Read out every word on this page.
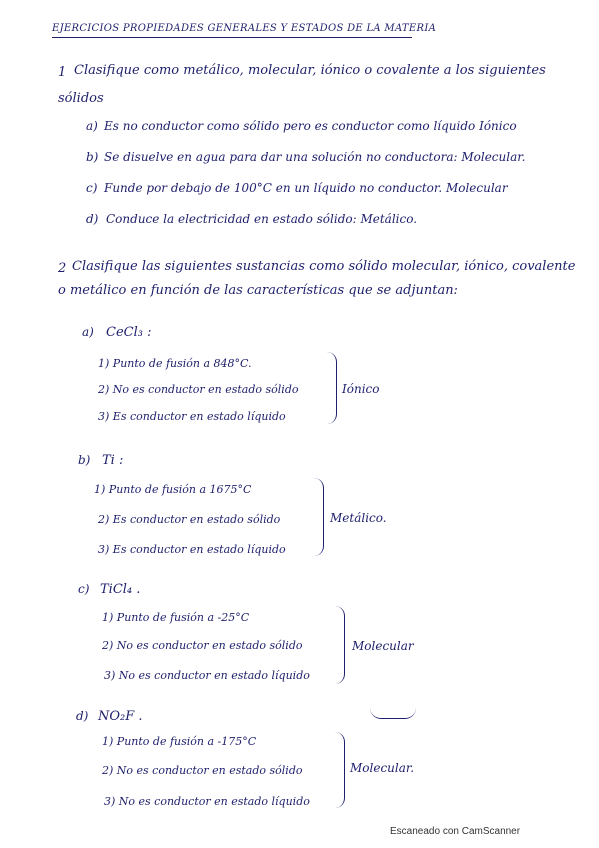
EJERCICIOS PROPIEDADES GENERALES Y ESTADOS DE LA MATERIA
1 Clasifique como metálico, molecular, iónico o covalente a los siguientes
sólidos
a) Es no conductor como sólido pero es conductor como líquido Iónico
b) Se disuelve en agua para dar una solución no conductora: Molecular.
c) Funde por debajo de 100°C en un líquido no conductor. Molecular
d) Conduce la electricidad en estado sólido: Metálico.
2 Clasifique las siguientes sustancias como sólido molecular, iónico, covalente
o metálico en función de las características que se adjuntan:
a) CeCl₃ :
1) Punto de fusión a 848°C.
2) No es conductor en estado sólido
3) Es conductor en estado líquido
Iónico
b) Ti :
1) Punto de fusión a 1675°C
2) Es conductor en estado sólido
3) Es conductor en estado líquido
Metálico.
c) TiCl₄ .
1) Punto de fusión a -25°C
2) No es conductor en estado sólido
3) No es conductor en estado líquido
Molecular
d) NO₂F .
1) Punto de fusión a -175°C
2) No es conductor en estado sólido
3) No es conductor en estado líquido
Molecular.
Escaneado con CamScanner
